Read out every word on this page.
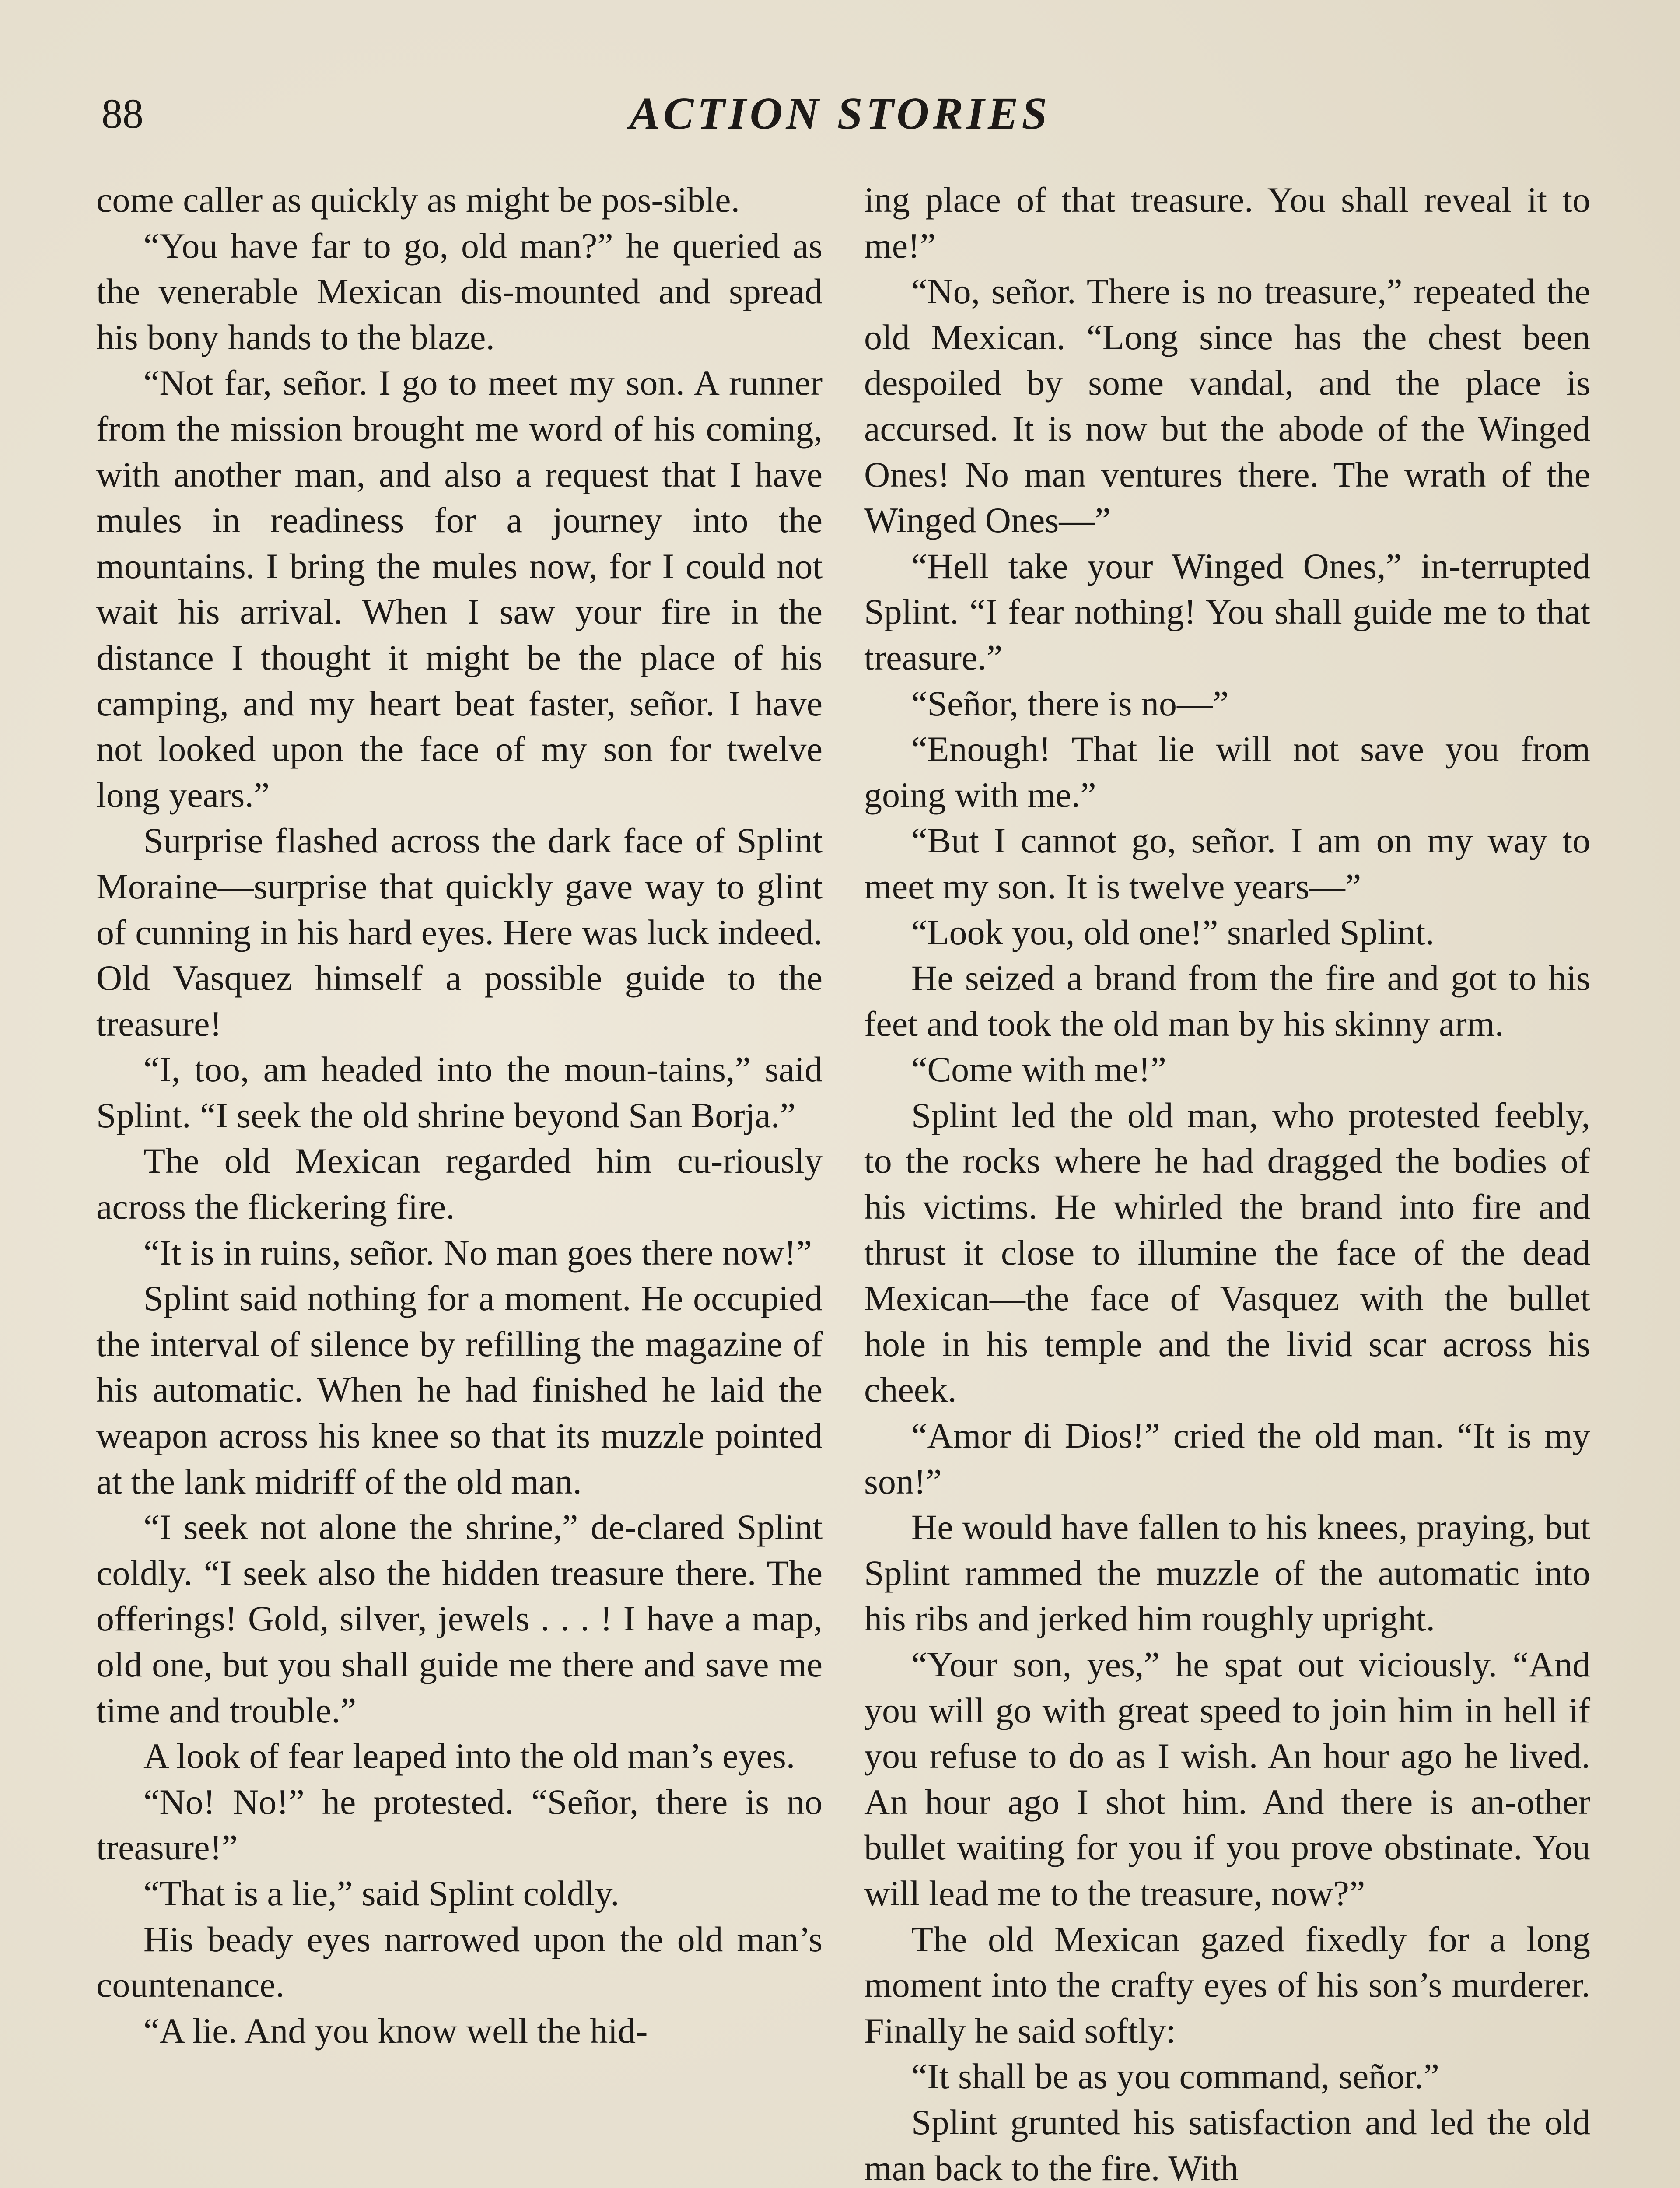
88	ACTION STORIES

come caller as quickly as might be pos-sible.

“You have far to go, old man?” he queried as the venerable Mexican dis-mounted and spread his bony hands to the blaze.

“Not far, señor. I go to meet my son. A runner from the mission brought me word of his coming, with another man, and also a request that I have mules in readiness for a journey into the mountains. I bring the mules now, for I could not wait his arrival. When I saw your fire in the distance I thought it might be the place of his camping, and my heart beat faster, señor. I have not looked upon the face of my son for twelve long years.”

Surprise flashed across the dark face of Splint Moraine—surprise that quickly gave way to glint of cunning in his hard eyes. Here was luck indeed. Old Vasquez himself a possible guide to the treasure!

“I, too, am headed into the moun-tains,” said Splint. “I seek the old shrine beyond San Borja.”

The old Mexican regarded him cu-riously across the flickering fire.

“It is in ruins, señor. No man goes there now!”

Splint said nothing for a moment. He occupied the interval of silence by refilling the magazine of his automatic. When he had finished he laid the weapon across his knee so that its muzzle pointed at the lank midriff of the old man.

“I seek not alone the shrine,” de-clared Splint coldly. “I seek also the hidden treasure there. The offerings! Gold, silver, jewels . . . ! I have a map, old one, but you shall guide me there and save me time and trouble.”

A look of fear leaped into the old man’s eyes.

“No! No!” he protested. “Señor, there is no treasure!”

“That is a lie,” said Splint coldly.

His beady eyes narrowed upon the old man’s countenance.

“A lie. And you know well the hid-

ing place of that treasure. You shall reveal it to me!”

“No, señor. There is no treasure,” repeated the old Mexican. “Long since has the chest been despoiled by some vandal, and the place is accursed. It is now but the abode of the Winged Ones! No man ventures there. The wrath of the Winged Ones—”

“Hell take your Winged Ones,” in-terrupted Splint. “I fear nothing! You shall guide me to that treasure.”

“Señor, there is no—”

“Enough! That lie will not save you from going with me.”

“But I cannot go, señor. I am on my way to meet my son. It is twelve years—”

“Look you, old one!” snarled Splint.

He seized a brand from the fire and got to his feet and took the old man by his skinny arm.

“Come with me!”

Splint led the old man, who protested feebly, to the rocks where he had dragged the bodies of his victims. He whirled the brand into fire and thrust it close to illumine the face of the dead Mexican—the face of Vasquez with the bullet hole in his temple and the livid scar across his cheek.

“Amor di Dios!” cried the old man. “It is my son!”

He would have fallen to his knees, praying, but Splint rammed the muzzle of the automatic into his ribs and jerked him roughly upright.

“Your son, yes,” he spat out viciously. “And you will go with great speed to join him in hell if you refuse to do as I wish. An hour ago he lived. An hour ago I shot him. And there is an-other bullet waiting for you if you prove obstinate. You will lead me to the treasure, now?”

The old Mexican gazed fixedly for a long moment into the crafty eyes of his son’s murderer. Finally he said softly:

“It shall be as you command, señor.”

Splint grunted his satisfaction and led the old man back to the fire. With
